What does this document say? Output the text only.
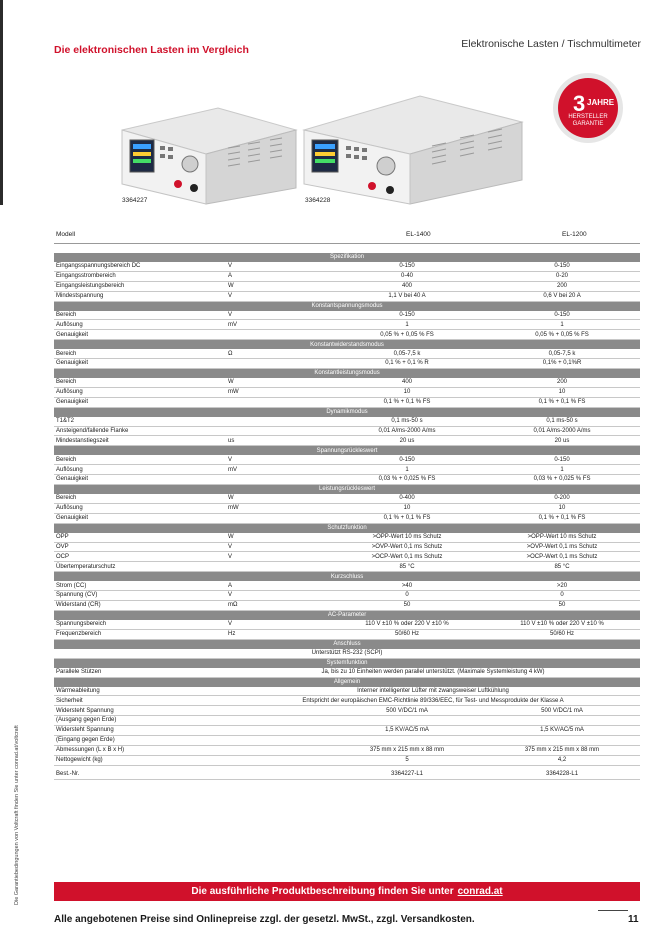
Die Garantiebedingungen von Voltcraft finden Sie unter conrad.at/voltcraft
Die elektronischen Lasten im Vergleich	Elektronische Lasten / Tischmultimeter
3 JAHRE
HERSTELLER
GARANTIE
3364227	3364228
Modell	EL-1400	EL-1200
Spezifikation			
Eingangsspannungsbereich DC	V	0-150	0-150
Eingangsstrombereich	A	0-40	0-20
Eingangsleistungsbereich	W	400	200
Mindestspannung	V	1,1 V bei 40 A	0,6 V bei 20 A
Konstantspannungsmodus			
Bereich	V	0-150	0-150
Auflösung	mV	1	1
Genauigkeit		0,05 % + 0,05 % FS	0,05 % + 0,05 % FS
Konstantwiderstandsmodus			
Bereich	Ω	0,05-7,5 k	0,05-7,5 k
Genauigkeit		0,1 % + 0,1 % R	0,1% + 0,1%R
Konstantleistungsmodus			
Bereich	W	400	200
Auflösung	mW	10	10
Genauigkeit		0,1 % + 0,1 % FS	0,1 % + 0,1 % FS
Dynamikmodus			
T1&T2		0,1 ms-50 s	0,1 ms-50 s
Ansteigend/fallende Flanke		0,01 A/ms-2000 A/ms	0,01 A/ms-2000 A/ms
Mindestanstiegszeit	us	20 us	20 us
Spannungsrückleswert			
Bereich	V	0-150	0-150
Auflösung	mV	1	1
Genauigkeit		0,03 % + 0,025 % FS	0,03 % + 0,025 % FS
Leistungsrückleswert			
Bereich	W	0-400	0-200
Auflösung	mW	10	10
Genauigkeit		0,1 % + 0,1 % FS	0,1 % + 0,1 % FS
Schutzfunktion			
OPP	W	>OPP-Wert 10 ms Schutz	>OPP-Wert 10 ms Schutz
OVP	V	>OVP-Wert 0,1 ms Schutz	>OVP-Wert 0,1 ms Schutz
OCP	V	>OCP-Wert 0,1 ms Schutz	>OCP-Wert 0,1 ms Schutz
Übertemperaturschutz		85 °C	85 °C
Kurzschluss			
Strom (CC)	A	>40	>20
Spannung (CV)	V	0	0
Widerstand (CR)	mΩ	50	50
AC-Parameter			
Spannungsbereich	V	110 V ±10 % oder 220 V ±10 %	110 V ±10 % oder 220 V ±10 %
Frequenzbereich	Hz	50/60 Hz	50/60 Hz
Anschluss			
Unterstützt RS-232 (SCPI)			
Systemfunktion			
Parallele Stützen	Ja, bis zu 10 Einheiten werden parallel unterstützt. (Maximale Systemleistung 4 kW)		
Allgemein			
Wärmeableitung	Interner intelligenter Lüfter mit zwangsweiser Luftkühlung		
Sicherheit	Entspricht der europäischen EMC-Richtlinie 89/336/EEC, für Test- und Messprodukte der Klasse A		
Widersteht Spannung		500 V/DC/1 mA	500 V/DC/1 mA
(Ausgang gegen Erde)			
Widersteht Spannung		1,5 KV/AC/5 mA	1,5 KV/AC/5 mA
(Eingang gegen Erde)			
Abmessungen (L x B x H)		375 mm x 215 mm x 88 mm	375 mm x 215 mm x 88 mm
Nettogewicht (kg)		5	4,2

Best.-Nr.		3364227-L1	3364228-L1
Die ausführliche Produktbeschreibung finden Sie unter conrad.at
Alle angebotenen Preise sind Onlinepreise zzgl. der gesetzl. MwSt., zzgl. Versandkosten.	11
